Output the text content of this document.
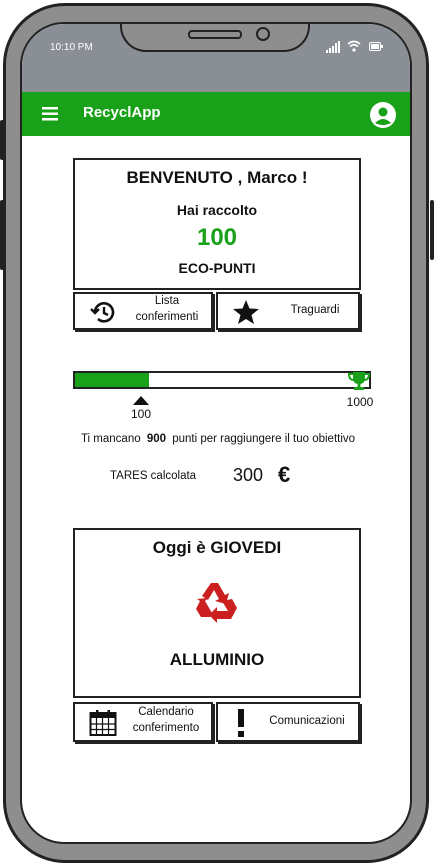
10:10 PM
RecyclApp
BENVENUTO , Marco !
Hai raccolto
100
ECO-PUNTI
Lista
conferimenti
Traguardi
100
1000
Ti mancano 900 punti per raggiungere il tuo obiettivo
TARES calcolata 300 €
Oggi è GIOVEDI
ALLUMINIO
Calendario
conferimento
Comunicazioni
